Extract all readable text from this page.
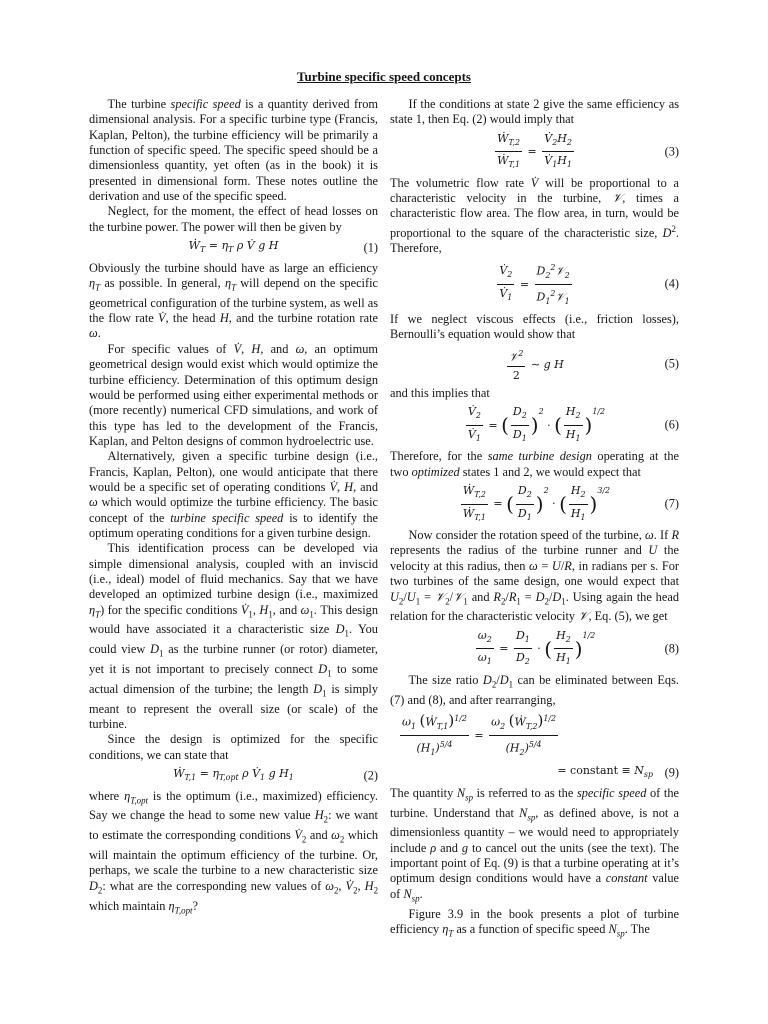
Turbine specific speed concepts

The turbine specific speed is a quantity derived from dimensional analysis. For a specific turbine type (Francis, Kaplan, Pelton), the turbine efficiency will be primarily a function of specific speed. The specific speed should be a dimensionless quantity, yet often (as in the book) it is presented in dimensional form. These notes outline the derivation and use of the specific speed.

Neglect, for the moment, the effect of head losses on the turbine power. The power will then be given by

Ẇ$_T$ = $\eta_T$ ρ V̇ g H	(1)

Obviously the turbine should have as large an efficiency $\eta_T$ as possible. In general, $\eta_T$ will depend on the specific geometrical configuration of the turbine system, as well as the flow rate V̇, the head H, and the turbine rotation rate ω.

For specific values of V̇, H, and ω, an optimum geometrical design would exist which would optimize the turbine efficiency. Determination of this optimum design would be performed using either experimental methods or (more recently) numerical CFD simulations, and work of this type has led to the development of the Francis, Kaplan, and Pelton designs of common hydroelectric use.

Alternatively, given a specific turbine design (i.e., Francis, Kaplan, Pelton), one would anticipate that there would be a specific set of operating conditions V̇, H, and ω which would optimize the turbine efficiency. The basic concept of the turbine specific speed is to identify the optimum operating conditions for a given turbine design.

This identification process can be developed via simple dimensional analysis, coupled with an inviscid (i.e., ideal) model of fluid mechanics. Say that we have developed an optimized turbine design (i.e., maximized $\eta_T$) for the specific conditions $V̇_1$, $H_1$, and $\omega_1$. This design would have associated it a characteristic size $D_1$. You could view $D_1$ as the turbine runner (or rotor) diameter, yet it is not important to precisely connect $D_1$ to some actual dimension of the turbine; the length $D_1$ is simply meant to represent the overall size (or scale) of the turbine.

Since the design is optimized for the specific conditions, we can state that

Ẇ$_{T,1}$ = $\eta_{T,opt}$ ρ $V̇_1$ g $H_1$	(2)

where $\eta_{T,opt}$ is the optimum (i.e., maximized) efficiency. Say we change the head to some new value $H_2$: we want to estimate the corresponding conditions $V̇_2$ and $\omega_2$ which will maintain the optimum efficiency of the turbine. Or, perhaps, we scale the turbine to a new characteristic size $D_2$: what are the corresponding new values of $\omega_2$, $V̇_2$, $H_2$ which maintain $\eta_{T,opt}$?

If the conditions at state 2 give the same efficiency as state 1, then Eq. (2) would imply that

$\frac{Ẇ_{T,2}}{Ẇ_{T,1}} = \frac{V̇_2H_2}{V̇_1H_1}$	(3)

The volumetric flow rate V̇ will be proportional to a characteristic velocity in the turbine, 𝒱, times a characteristic flow area. The flow area, in turn, would be proportional to the square of the characteristic size, $D^2$. Therefore,

$\frac{V̇_2}{V̇_1} = \frac{D_2^2𝒱_2}{D_1^2𝒱_1}$	(4)

If we neglect viscous effects (i.e., friction losses), Bernoulli’s equation would show that

$\frac{𝒱^2}{2}$ ∼ g H	(5)

and this implies that

$\frac{V̇_2}{V̇_1}$ = ( $\frac{D_2}{D_1}$ )
$^2$
· ( $\frac{H_2}{H_1}$ )
$^{1/2}$
(6)

Therefore, for the same turbine design operating at the two optimized states 1 and 2, we would expect that

$\frac{Ẇ_{T,2}}{Ẇ_{T,1}}$ = ( $\frac{D_2}{D_1}$ )
$^2$
· ( $\frac{H_2}{H_1}$ )
$^{3/2}$
(7)

Now consider the rotation speed of the turbine, ω. If R represents the radius of the turbine runner and U the velocity at this radius, then ω = U/R, in radians per s. For two turbines of the same design, one would expect that $U_2/U_1$ = 𝒱$_2$/𝒱$_1$ and $R_2/R_1 = D_2/D_1$. Using again the head relation for the characteristic velocity 𝒱, Eq. (5), we get

$\frac{\omega_2}{\omega_1} = \frac{D_1}{D_2}$ · ( $\frac{H_2}{H_1}$ )
$^{1/2}$
(8)

The size ratio $D_2/D_1$ can be eliminated between Eqs. (7) and (8), and after rearranging,

$\frac{\omega_1 (Ẇ_{T,1})^{1/2}}{(H_1)^{5/4}} = \frac{\omega_2 (Ẇ_{T,2})^{1/2}}{(H_2)^{5/4}}$
= constant ≡ $N_{sp}$ (9)

The quantity $N_{sp}$ is referred to as the specific speed of the turbine. Understand that $N_{sp}$, as defined above, is not a dimensionless quantity – we would need to appropriately include ρ and g to cancel out the units (see the text). The important point of Eq. (9) is that a turbine operating at it’s optimum design conditions would have a constant value of $N_{sp}$.

Figure 3.9 in the book presents a plot of turbine efficiency $\eta_T$ as a function of specific speed $N_{sp}$. The
